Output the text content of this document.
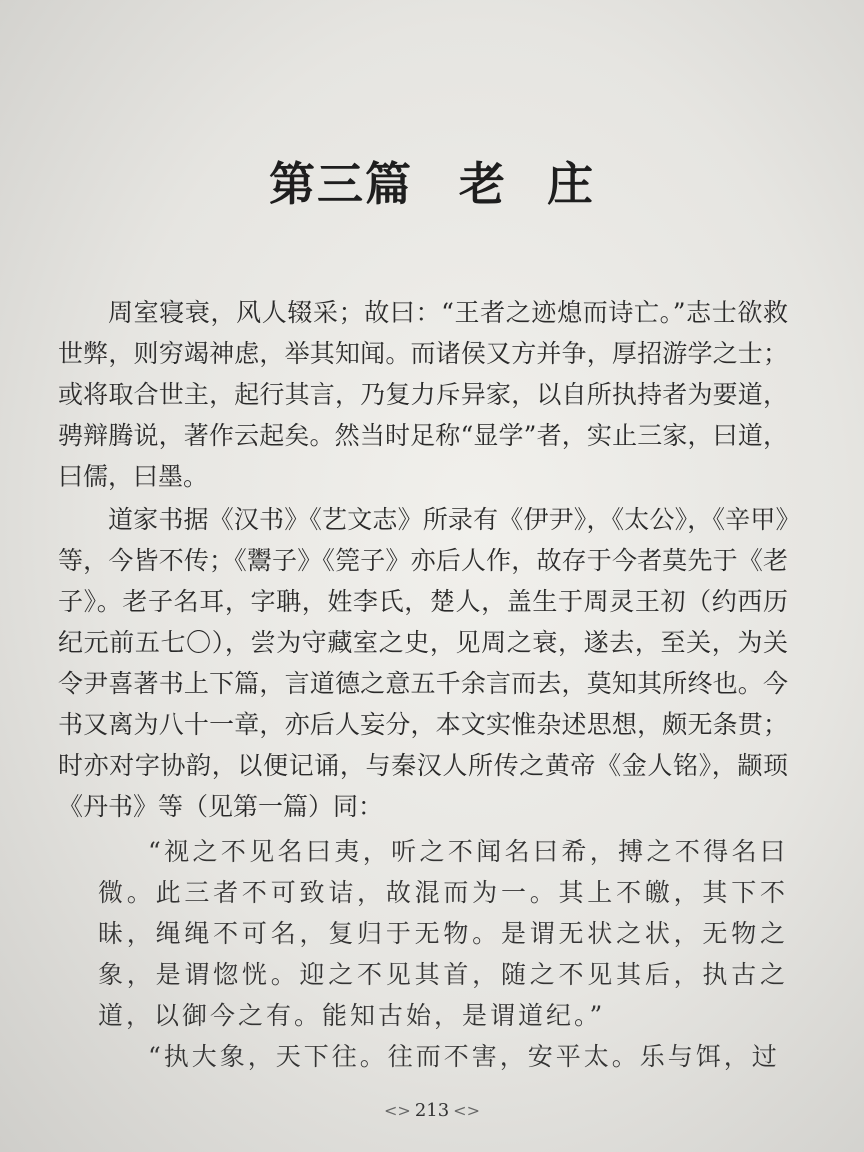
第三篇 老 庄

周室寝衰，风人辍采；故曰：“王者之迹熄而诗亡。”志士欲救世弊，则穷竭神虑，举其知闻。而诸侯又方并争，厚招游学之士；或将取合世主，起行其言，乃复力斥异家，以自所执持者为要道，骋辩腾说，著作云起矣。然当时足称“显学”者，实止三家，曰道，曰儒，曰墨。

道家书据《汉书》《艺文志》所录有《伊尹》，《太公》，《辛甲》等，今皆不传；《鬻子》《筦子》亦后人作，故存于今者莫先于《老子》。老子名耳，字聃，姓李氏，楚人，盖生于周灵王初（约西历纪元前五七〇），尝为守藏室之史，见周之衰，遂去，至关，为关令尹喜著书上下篇，言道德之意五千余言而去，莫知其所终也。今书又离为八十一章，亦后人妄分，本文实惟杂述思想，颇无条贯；时亦对字协韵，以便记诵，与秦汉人所传之黄帝《金人铭》，颛顼《丹书》等（见第一篇）同：

“视之不见名曰夷，听之不闻名曰希，搏之不得名曰微。此三者不可致诘，故混而为一。其上不皦，其下不昧，绳绳不可名，复归于无物。是谓无状之状，无物之象，是谓惚恍。迎之不见其首，随之不见其后，执古之道，以御今之有。能知古始，是谓道纪。”

“执大象，天下往。往而不害，安平太。乐与饵，过

<> 213 <>
